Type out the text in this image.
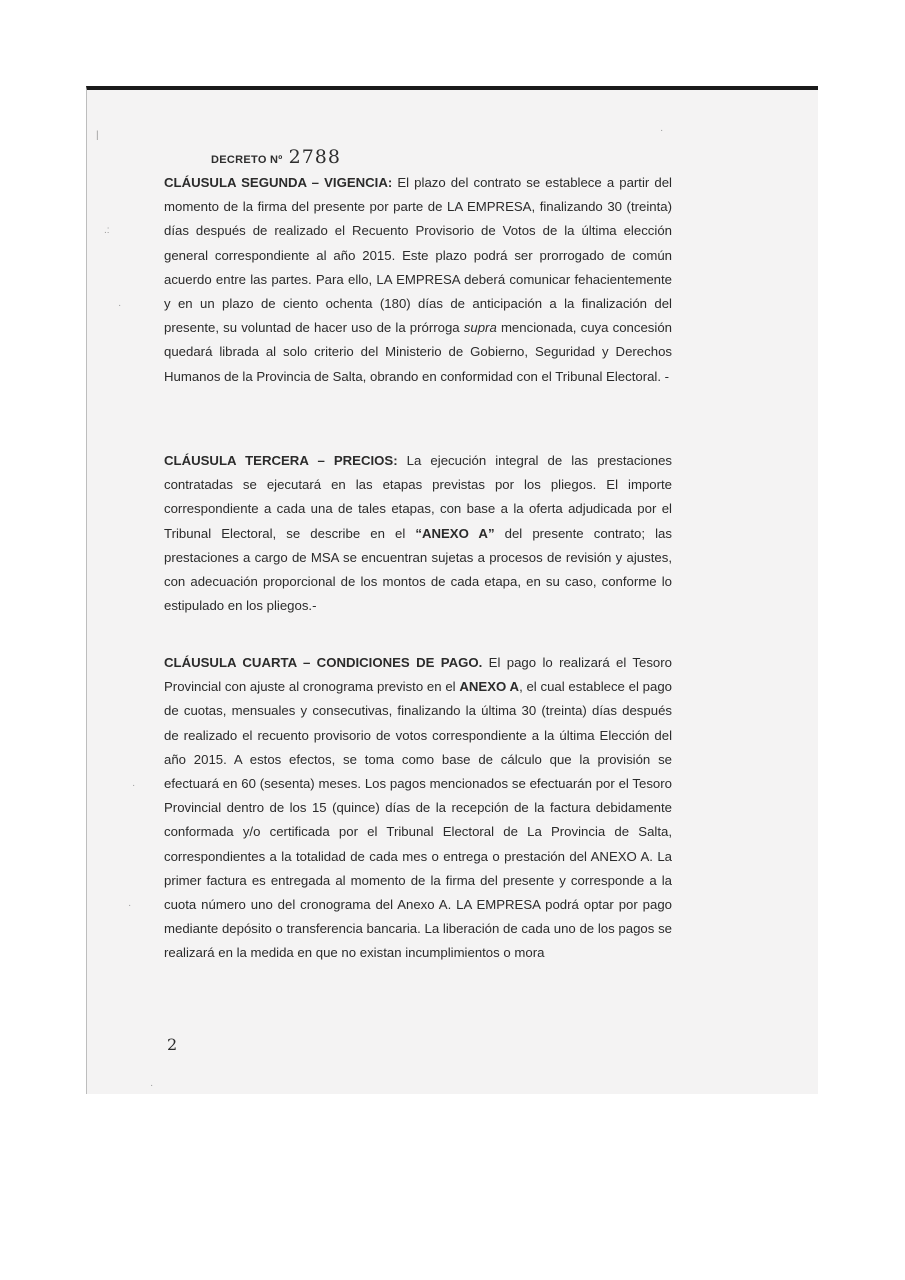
DECRETO Nº 2788
CLÁUSULA SEGUNDA – VIGENCIA: El plazo del contrato se establece a partir del momento de la firma del presente por parte de LA EMPRESA, finalizando 30 (treinta) días después de realizado el Recuento Provisorio de Votos de la última elección general correspondiente al año 2015. Este plazo podrá ser prorrogado de común acuerdo entre las partes. Para ello, LA EMPRESA deberá comunicar fehacientemente y en un plazo de ciento ochenta (180) días de anticipación a la finalización del presente, su voluntad de hacer uso de la prórroga supra mencionada, cuya concesión quedará librada al solo criterio del Ministerio de Gobierno, Seguridad y Derechos Humanos de la Provincia de Salta, obrando en conformidad con el Tribunal Electoral. -
CLÁUSULA TERCERA – PRECIOS: La ejecución integral de las prestaciones contratadas se ejecutará en las etapas previstas por los pliegos. El importe correspondiente a cada una de tales etapas, con base a la oferta adjudicada por el Tribunal Electoral, se describe en el “ANEXO A” del presente contrato; las prestaciones a cargo de MSA se encuentran sujetas a procesos de revisión y ajustes, con adecuación proporcional de los montos de cada etapa, en su caso, conforme lo estipulado en los pliegos.-
CLÁUSULA CUARTA – CONDICIONES DE PAGO. El pago lo realizará el Tesoro Provincial con ajuste al cronograma previsto en el ANEXO A, el cual establece el pago de cuotas, mensuales y consecutivas, finalizando la última 30 (treinta) días después de realizado el recuento provisorio de votos correspondiente a la última Elección del año 2015. A estos efectos, se toma como base de cálculo que la provisión se efectuará en 60 (sesenta) meses. Los pagos mencionados se efectuarán por el Tesoro Provincial dentro de los 15 (quince) días de la recepción de la factura debidamente conformada y/o certificada por el Tribunal Electoral de La Provincia de Salta, correspondientes a la totalidad de cada mes o entrega o prestación del ANEXO A. La primer factura es entregada al momento de la firma del presente y corresponde a la cuota número uno del cronograma del Anexo A. LA EMPRESA podrá optar por pago mediante depósito o transferencia bancaria. La liberación de cada uno de los pagos se realizará en la medida en que no existan incumplimientos o mora
2
|
.:
·
·
·
·
·
